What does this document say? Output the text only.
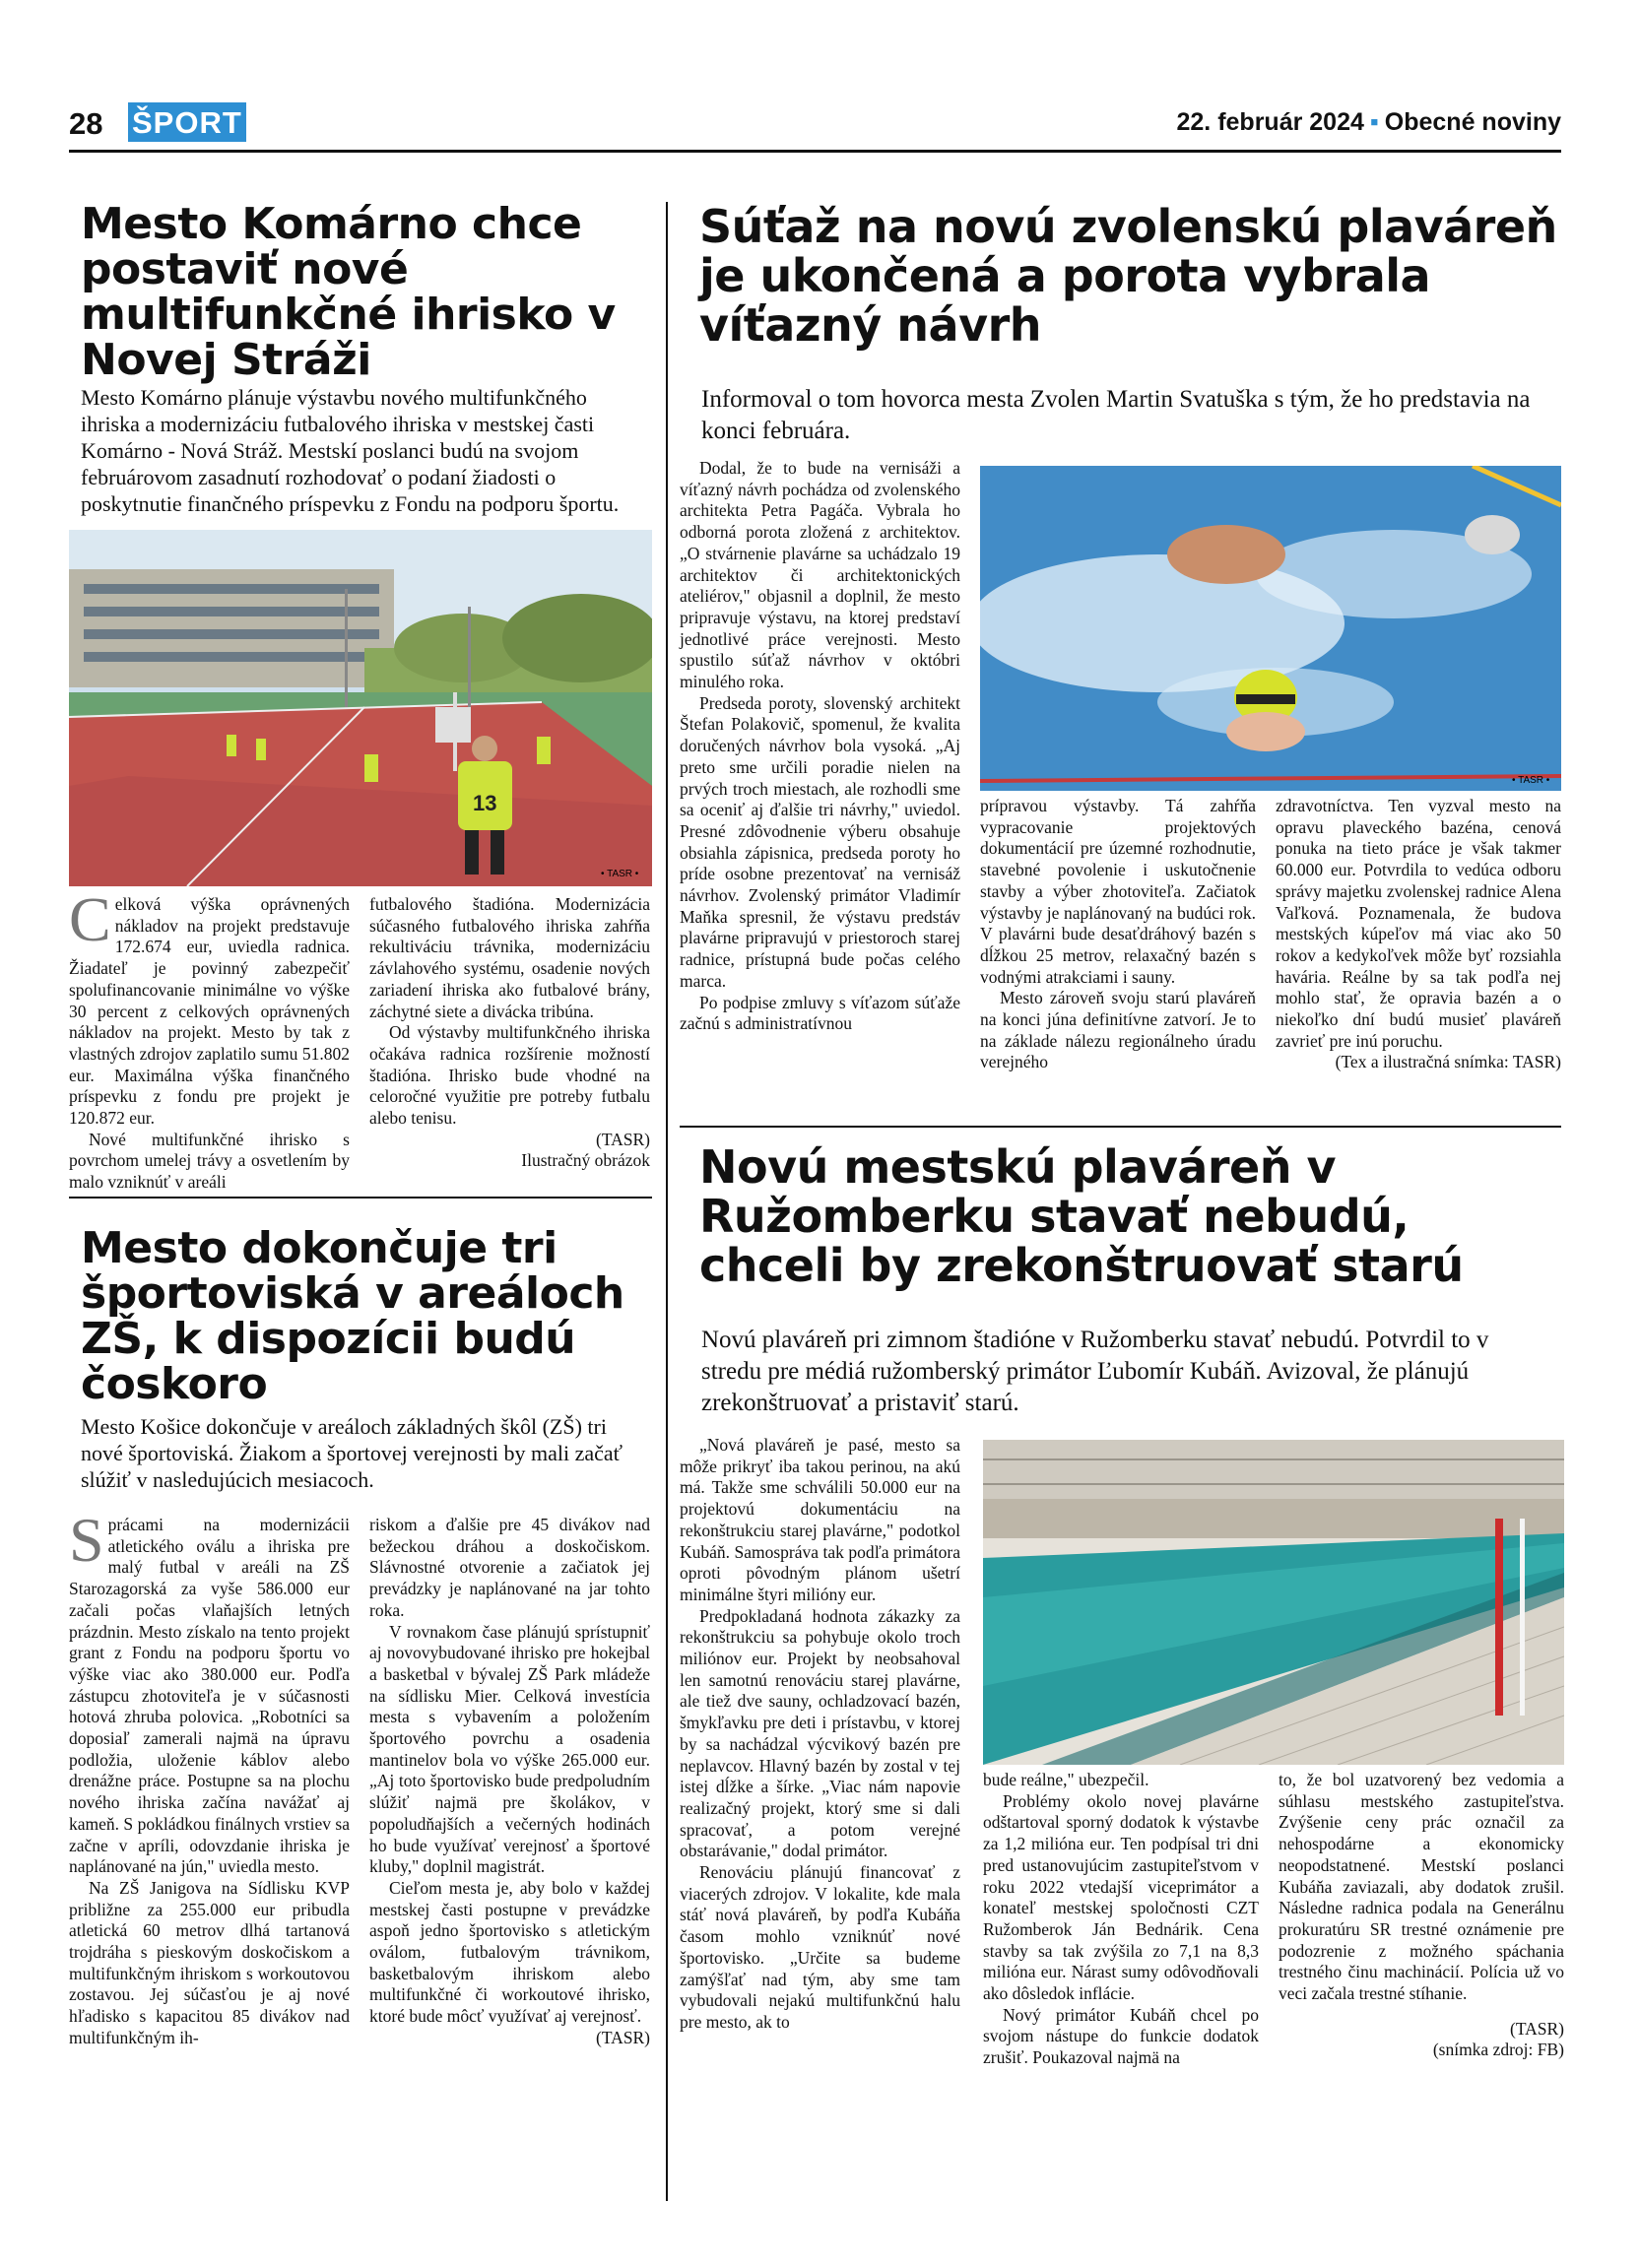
28 ŠPORT	22. február 2024 ▪ Obecné noviny
Mesto Komárno chce postaviť nové multifunkčné ihrisko v Novej Stráži
Mesto Komárno plánuje výstavbu nového multifunkčného ihriska a modernizáciu futbalového ihriska v mestskej časti Komárno - Nová Stráž. Mestskí poslanci budú na svojom februárovom zasadnutí rozhodovať o podaní žiadosti o poskytnutie finančného príspevku z Fondu na podporu športu.
13
• TASR •

Celková výška oprávnených nákladov na projekt predstavuje 172.674 eur, uviedla radnica. Žiadateľ je povinný zabezpečiť spolufinancovanie minimálne vo výške 30 percent z celkových oprávnených nákladov na projekt. Mesto by tak z vlastných zdrojov zaplatilo sumu 51.802 eur. Maximálna výška finančného príspevku z fondu pre projekt je 120.872 eur.

Nové multifunkčné ihrisko s povrchom umelej trávy a osvetlením by malo vzniknúť v areáli

futbalového štadióna. Modernizácia súčasného futbalového ihriska zahŕňa rekultiváciu trávnika, modernizáciu závlahového systému, osadenie nových zariadení ihriska ako futbalové brány, záchytné siete a divácka tribúna.

Od výstavby multifunkčného ihriska očakáva radnica rozšírenie možností štadióna. Ihrisko bude vhodné na celoročné využitie pre potreby futbalu alebo tenisu.

(TASR)

Ilustračný obrázok

Súťaž na novú zvolenskú plaváreň je ukončená a porota vybrala víťazný návrh
Informoval o tom hovorca mesta Zvolen Martin Svatuška s tým, že ho predstavia na konci februára.

Dodal, že to bude na vernisáži a víťazný návrh pochádza od zvolenského architekta Petra Pagáča. Vybrala ho odborná porota zložená z architektov. „O stvárnenie plavárne sa uchádzalo 19 architektov či architektonických ateliérov," objasnil a doplnil, že mesto pripravuje výstavu, na ktorej predstaví jednotlivé práce verejnosti. Mesto spustilo súťaž návrhov v októbri minulého roka.

Predseda poroty, slovenský architekt Štefan Polakovič, spomenul, že kvalita doručených návrhov bola vysoká. „Aj preto sme určili poradie nielen na prvých troch miestach, ale rozhodli sme sa oceniť aj ďalšie tri návrhy," uviedol. Presné zdôvodnenie výberu obsahuje obsiahla zápisnica, predseda poroty ho príde osobne prezentovať na vernisáž návrhov. Zvolenský primátor Vladimír Maňka spresnil, že výstavu predstáv plavárne pripravujú v priestoroch starej radnice, prístupná bude počas celého marca.

Po podpise zmluvy s víťazom súťaže začnú s administratívnou

• TASR •

prípravou výstavby. Tá zahŕňa vypracovanie projektových dokumentácií pre územné rozhodnutie, stavebné povolenie i uskutočnenie stavby a výber zhotoviteľa. Začiatok výstavby je naplánovaný na budúci rok. V plavárni bude desaťdráhový bazén s dĺžkou 25 metrov, relaxačný bazén s vodnými atrakciami i sauny.

Mesto zároveň svoju starú plaváreň na konci júna definitívne zatvorí. Je to na základe nálezu regionálneho úradu verejného

zdravotníctva. Ten vyzval mesto na opravu plaveckého bazéna, cenová ponuka na tieto práce je však takmer 60.000 eur. Potvrdila to vedúca odboru správy majetku zvolenskej radnice Alena Vaľková. Poznamenala, že budova mestských kúpeľov má viac ako 50 rokov a kedykoľvek môže byť rozsiahla havária. Reálne by sa tak podľa nej mohlo stať, že opravia bazén a o niekoľko dní budú musieť plaváreň zavrieť pre inú poruchu.

(Tex a ilustračná snímka: TASR)

Mesto dokončuje tri športoviská v areáloch ZŠ, k dispozícii budú čoskoro
Mesto Košice dokončuje v areáloch základných škôl (ZŠ) tri nové športoviská. Žiakom a športovej verejnosti by mali začať slúžiť v nasledujúcich mesiacoch.

Sprácami na modernizácii atletického oválu a ihriska pre malý futbal v areáli na ZŠ Starozagorská za vyše 586.000 eur začali počas vlaňajších letných prázdnin. Mesto získalo na tento projekt grant z Fondu na podporu športu vo výške viac ako 380.000 eur. Podľa zástupcu zhotoviteľa je v súčasnosti hotová zhruba polovica. „Robotníci sa doposiaľ zamerali najmä na úpravu podložia, uloženie káblov alebo drenážne práce. Postupne sa na plochu nového ihriska začína navážať aj kameň. S pokládkou finálnych vrstiev sa začne v apríli, odovzdanie ihriska je naplánované na jún," uviedla mesto.

Na ZŠ Janigova na Sídlisku KVP približne za 255.000 eur pribudla atletická 60 metrov dlhá tartanová trojdráha s pieskovým doskočiskom a multifunkčným ihriskom s workoutovou zostavou. Jej súčasťou je aj nové hľadisko s kapacitou 85 divákov nad multifunkčným ih-

riskom a ďalšie pre 45 divákov nad bežeckou dráhou a doskočiskom. Slávnostné otvorenie a začiatok jej prevádzky je naplánované na jar tohto roka.

V rovnakom čase plánujú sprístupniť aj novovybudované ihrisko pre hokejbal a basketbal v bývalej ZŠ Park mládeže na sídlisku Mier. Celková investícia mesta s vybavením a položením športového povrchu a osadenia mantinelov bola vo výške 265.000 eur. „Aj toto športovisko bude predpoludním slúžiť najmä pre školákov, v popoludňajších a večerných hodinách ho bude využívať verejnosť a športové kluby," doplnil magistrát.

Cieľom mesta je, aby bolo v každej mestskej časti postupne v prevádzke aspoň jedno športovisko s atletickým oválom, futbalovým trávnikom, basketbalovým ihriskom alebo multifunkčné či workoutové ihrisko, ktoré bude môcť využívať aj verejnosť.

(TASR)

Novú mestskú plaváreň v Ružomberku stavať nebudú, chceli by zrekonštruovať starú
Novú plaváreň pri zimnom štadióne v Ružomberku stavať nebudú. Potvrdil to v stredu pre médiá ružomberský primátor Ľubomír Kubáň. Avizoval, že plánujú zrekonštruovať a pristaviť starú.

„Nová plaváreň je pasé, mesto sa môže prikryť iba takou perinou, na akú má. Takže sme schválili 50.000 eur na projektovú dokumentáciu na rekonštrukciu starej plavárne," podotkol Kubáň. Samospráva tak podľa primátora oproti pôvodným plánom ušetrí minimálne štyri milióny eur.

Predpokladaná hodnota zákazky za rekonštrukciu sa pohybuje okolo troch miliónov eur. Projekt by neobsahoval len samotnú renováciu starej plavárne, ale tiež dve sauny, ochladzovací bazén, šmykľavku pre deti i prístavbu, v ktorej by sa nachádzal výcvikový bazén pre neplavcov. Hlavný bazén by zostal v tej istej dĺžke a šírke. „Viac nám napovie realizačný projekt, ktorý sme si dali spracovať, a potom verejné obstarávanie," dodal primátor.

Renováciu plánujú financovať z viacerých zdrojov. V lokalite, kde mala stáť nová plaváreň, by podľa Kubáňa časom mohlo vzniknúť nové športovisko. „Určite sa budeme zamýšľať nad tým, aby sme tam vybudovali nejakú multifunkčnú halu pre mesto, ak to

bude reálne," ubezpečil.

Problémy okolo novej plavárne odštartoval sporný dodatok k výstavbe za 1,2 milióna eur. Ten podpísal tri dni pred ustanovujúcim zastupiteľstvom v roku 2022 vtedajší viceprimátor a konateľ mestskej spoločnosti CZT Ružomberok Ján Bednárik. Cena stavby sa tak zvýšila zo 7,1 na 8,3 milióna eur. Nárast sumy odôvodňovali ako dôsledok inflácie.

Nový primátor Kubáň chcel po svojom nástupe do funkcie dodatok zrušiť. Poukazoval najmä na

to, že bol uzatvorený bez vedomia a súhlasu mestského zastupiteľstva. Zvýšenie ceny prác označil za nehospodárne a ekonomicky neopodstatnené. Mestskí poslanci Kubáňa zaviazali, aby dodatok zrušil. Následne radnica podala na Generálnu prokuratúru SR trestné oznámenie pre podozrenie z možného spáchania trestného činu machinácií. Polícia už vo veci začala trestné stíhanie.

(TASR)

(snímka zdroj: FB)
